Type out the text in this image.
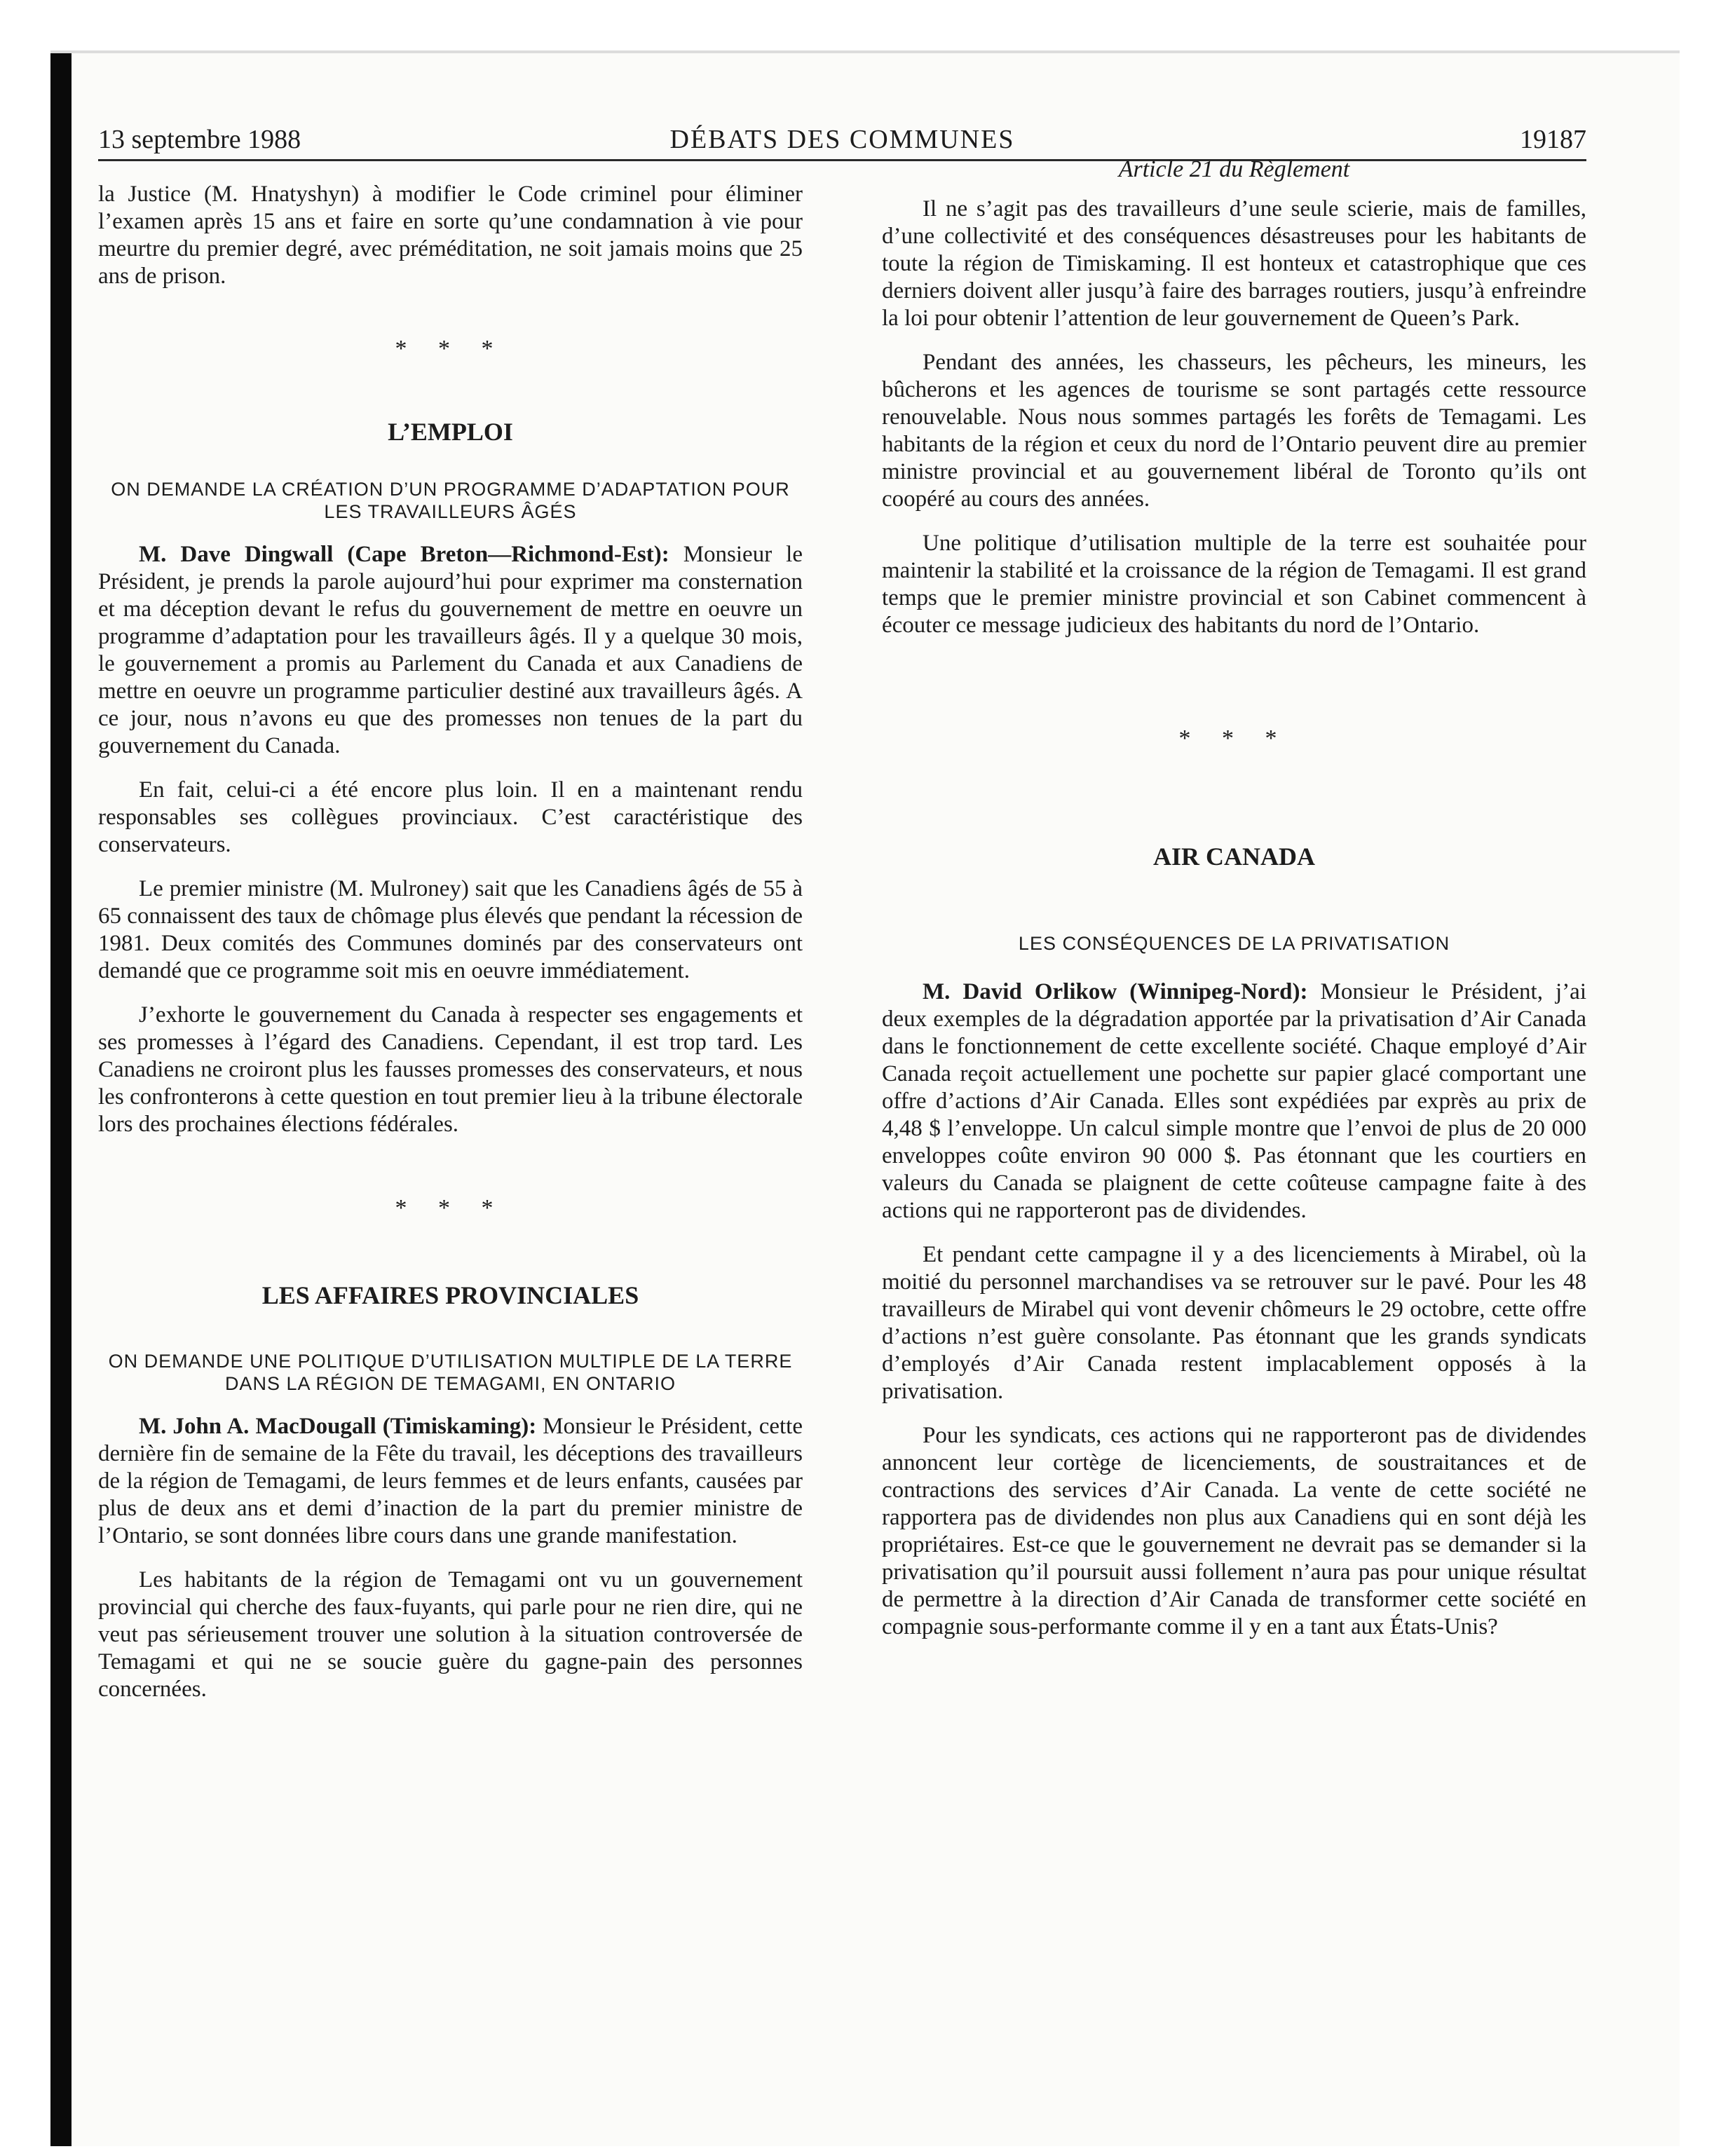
13 septembre 1988	DÉBATS DES COMMUNES	19187

la Justice (M. Hnatyshyn) à modifier le Code criminel pour éliminer l’examen après 15 ans et faire en sorte qu’une condamnation à vie pour meurtre du premier degré, avec préméditation, ne soit jamais moins que 25 ans de prison.

* * *
L’EMPLOI
ON DEMANDE LA CRÉATION D’UN PROGRAMME D’ADAPTATION POUR LES TRAVAILLEURS ÂGÉS

M. Dave Dingwall (Cape Breton—Richmond-Est): Monsieur le Président, je prends la parole aujourd’hui pour exprimer ma consternation et ma déception devant le refus du gouvernement de mettre en oeuvre un programme d’adaptation pour les travailleurs âgés. Il y a quelque 30 mois, le gouvernement a promis au Parlement du Canada et aux Canadiens de mettre en oeuvre un programme particulier destiné aux travailleurs âgés. A ce jour, nous n’avons eu que des promesses non tenues de la part du gouvernement du Canada.

En fait, celui-ci a été encore plus loin. Il en a maintenant rendu responsables ses collègues provinciaux. C’est caractéristique des conservateurs.

Le premier ministre (M. Mulroney) sait que les Canadiens âgés de 55 à 65 connaissent des taux de chômage plus élevés que pendant la récession de 1981. Deux comités des Communes dominés par des conservateurs ont demandé que ce programme soit mis en oeuvre immédiatement.

J’exhorte le gouvernement du Canada à respecter ses engagements et ses promesses à l’égard des Canadiens. Cependant, il est trop tard. Les Canadiens ne croiront plus les fausses promesses des conservateurs, et nous les confronterons à cette question en tout premier lieu à la tribune électorale lors des prochaines élections fédérales.

* * *
LES AFFAIRES PROVINCIALES
ON DEMANDE UNE POLITIQUE D’UTILISATION MULTIPLE DE LA TERRE DANS LA RÉGION DE TEMAGAMI, EN ONTARIO

M. John A. MacDougall (Timiskaming): Monsieur le Président, cette dernière fin de semaine de la Fête du travail, les déceptions des travailleurs de la région de Temagami, de leurs femmes et de leurs enfants, causées par plus de deux ans et demi d’inaction de la part du premier ministre de l’Ontario, se sont données libre cours dans une grande manifestation.

Les habitants de la région de Temagami ont vu un gouvernement provincial qui cherche des faux-fuyants, qui parle pour ne rien dire, qui ne veut pas sérieusement trouver une solution à la situation controversée de Temagami et qui ne se soucie guère du gagne-pain des personnes concernées.

Article 21 du Règlement

Il ne s’agit pas des travailleurs d’une seule scierie, mais de familles, d’une collectivité et des conséquences désastreuses pour les habitants de toute la région de Timiskaming. Il est honteux et catastrophique que ces derniers doivent aller jusqu’à faire des barrages routiers, jusqu’à enfreindre la loi pour obtenir l’attention de leur gouvernement de Queen’s Park.

Pendant des années, les chasseurs, les pêcheurs, les mineurs, les bûcherons et les agences de tourisme se sont partagés cette ressource renouvelable. Nous nous sommes partagés les forêts de Temagami. Les habitants de la région et ceux du nord de l’Ontario peuvent dire au premier ministre provincial et au gouvernement libéral de Toronto qu’ils ont coopéré au cours des années.

Une politique d’utilisation multiple de la terre est souhaitée pour maintenir la stabilité et la croissance de la région de Temagami. Il est grand temps que le premier ministre provincial et son Cabinet commencent à écouter ce message judicieux des habitants du nord de l’Ontario.

* * *
AIR CANADA
LES CONSÉQUENCES DE LA PRIVATISATION

M. David Orlikow (Winnipeg-Nord): Monsieur le Président, j’ai deux exemples de la dégradation apportée par la privatisation d’Air Canada dans le fonctionnement de cette excellente société. Chaque employé d’Air Canada reçoit actuellement une pochette sur papier glacé comportant une offre d’actions d’Air Canada. Elles sont expédiées par exprès au prix de 4,48 $ l’enveloppe. Un calcul simple montre que l’envoi de plus de 20 000 enveloppes coûte environ 90 000 $. Pas étonnant que les courtiers en valeurs du Canada se plaignent de cette coûteuse campagne faite à des actions qui ne rapporteront pas de dividendes.

Et pendant cette campagne il y a des licenciements à Mirabel, où la moitié du personnel marchandises va se retrouver sur le pavé. Pour les 48 travailleurs de Mirabel qui vont devenir chômeurs le 29 octobre, cette offre d’actions n’est guère consolante. Pas étonnant que les grands syndicats d’employés d’Air Canada restent implacablement opposés à la privatisation.

Pour les syndicats, ces actions qui ne rapporteront pas de dividendes annoncent leur cortège de licenciements, de soustraitances et de contractions des services d’Air Canada. La vente de cette société ne rapportera pas de dividendes non plus aux Canadiens qui en sont déjà les propriétaires. Est-ce que le gouvernement ne devrait pas se demander si la privatisation qu’il poursuit aussi follement n’aura pas pour unique résultat de permettre à la direction d’Air Canada de transformer cette société en compagnie sous-performante comme il y en a tant aux États-Unis?
